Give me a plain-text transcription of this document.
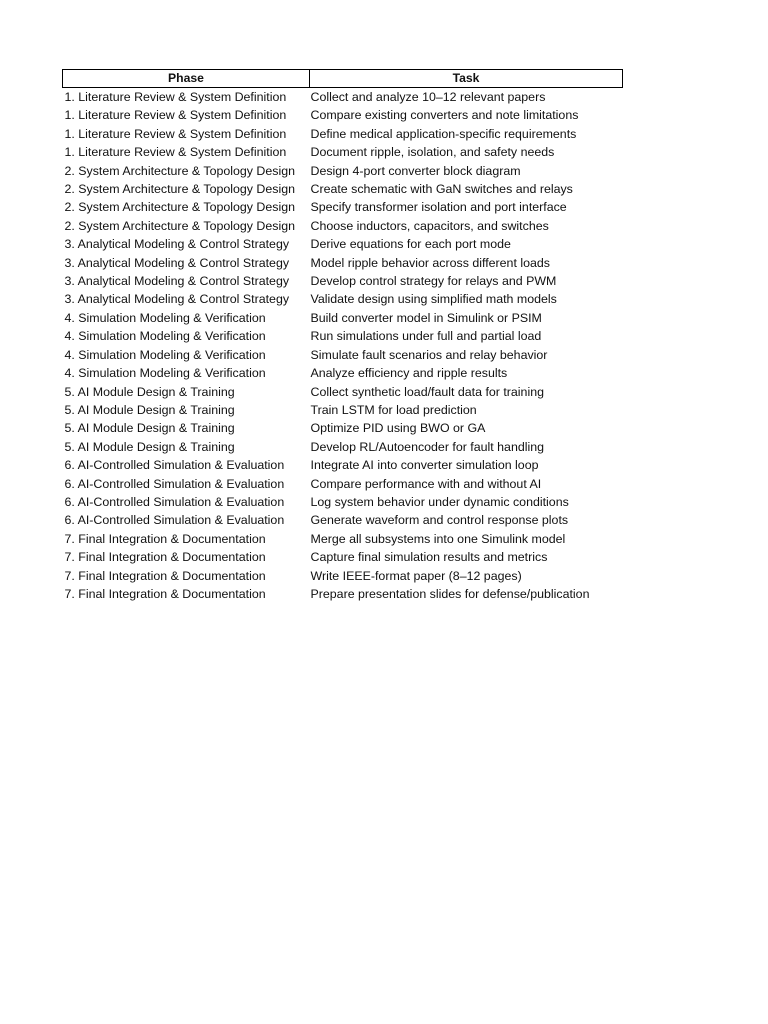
Phase	Task
1. Literature Review & System Definition	Collect and analyze 10–12 relevant papers
1. Literature Review & System Definition	Compare existing converters and note limitations
1. Literature Review & System Definition	Define medical application-specific requirements
1. Literature Review & System Definition	Document ripple, isolation, and safety needs
2. System Architecture & Topology Design	Design 4-port converter block diagram
2. System Architecture & Topology Design	Create schematic with GaN switches and relays
2. System Architecture & Topology Design	Specify transformer isolation and port interface
2. System Architecture & Topology Design	Choose inductors, capacitors, and switches
3. Analytical Modeling & Control Strategy	Derive equations for each port mode
3. Analytical Modeling & Control Strategy	Model ripple behavior across different loads
3. Analytical Modeling & Control Strategy	Develop control strategy for relays and PWM
3. Analytical Modeling & Control Strategy	Validate design using simplified math models
4. Simulation Modeling & Verification	Build converter model in Simulink or PSIM
4. Simulation Modeling & Verification	Run simulations under full and partial load
4. Simulation Modeling & Verification	Simulate fault scenarios and relay behavior
4. Simulation Modeling & Verification	Analyze efficiency and ripple results
5. AI Module Design & Training	Collect synthetic load/fault data for training
5. AI Module Design & Training	Train LSTM for load prediction
5. AI Module Design & Training	Optimize PID using BWO or GA
5. AI Module Design & Training	Develop RL/Autoencoder for fault handling
6. AI-Controlled Simulation & Evaluation	Integrate AI into converter simulation loop
6. AI-Controlled Simulation & Evaluation	Compare performance with and without AI
6. AI-Controlled Simulation & Evaluation	Log system behavior under dynamic conditions
6. AI-Controlled Simulation & Evaluation	Generate waveform and control response plots
7. Final Integration & Documentation	Merge all subsystems into one Simulink model
7. Final Integration & Documentation	Capture final simulation results and metrics
7. Final Integration & Documentation	Write IEEE-format paper (8–12 pages)
7. Final Integration & Documentation	Prepare presentation slides for defense/publication
